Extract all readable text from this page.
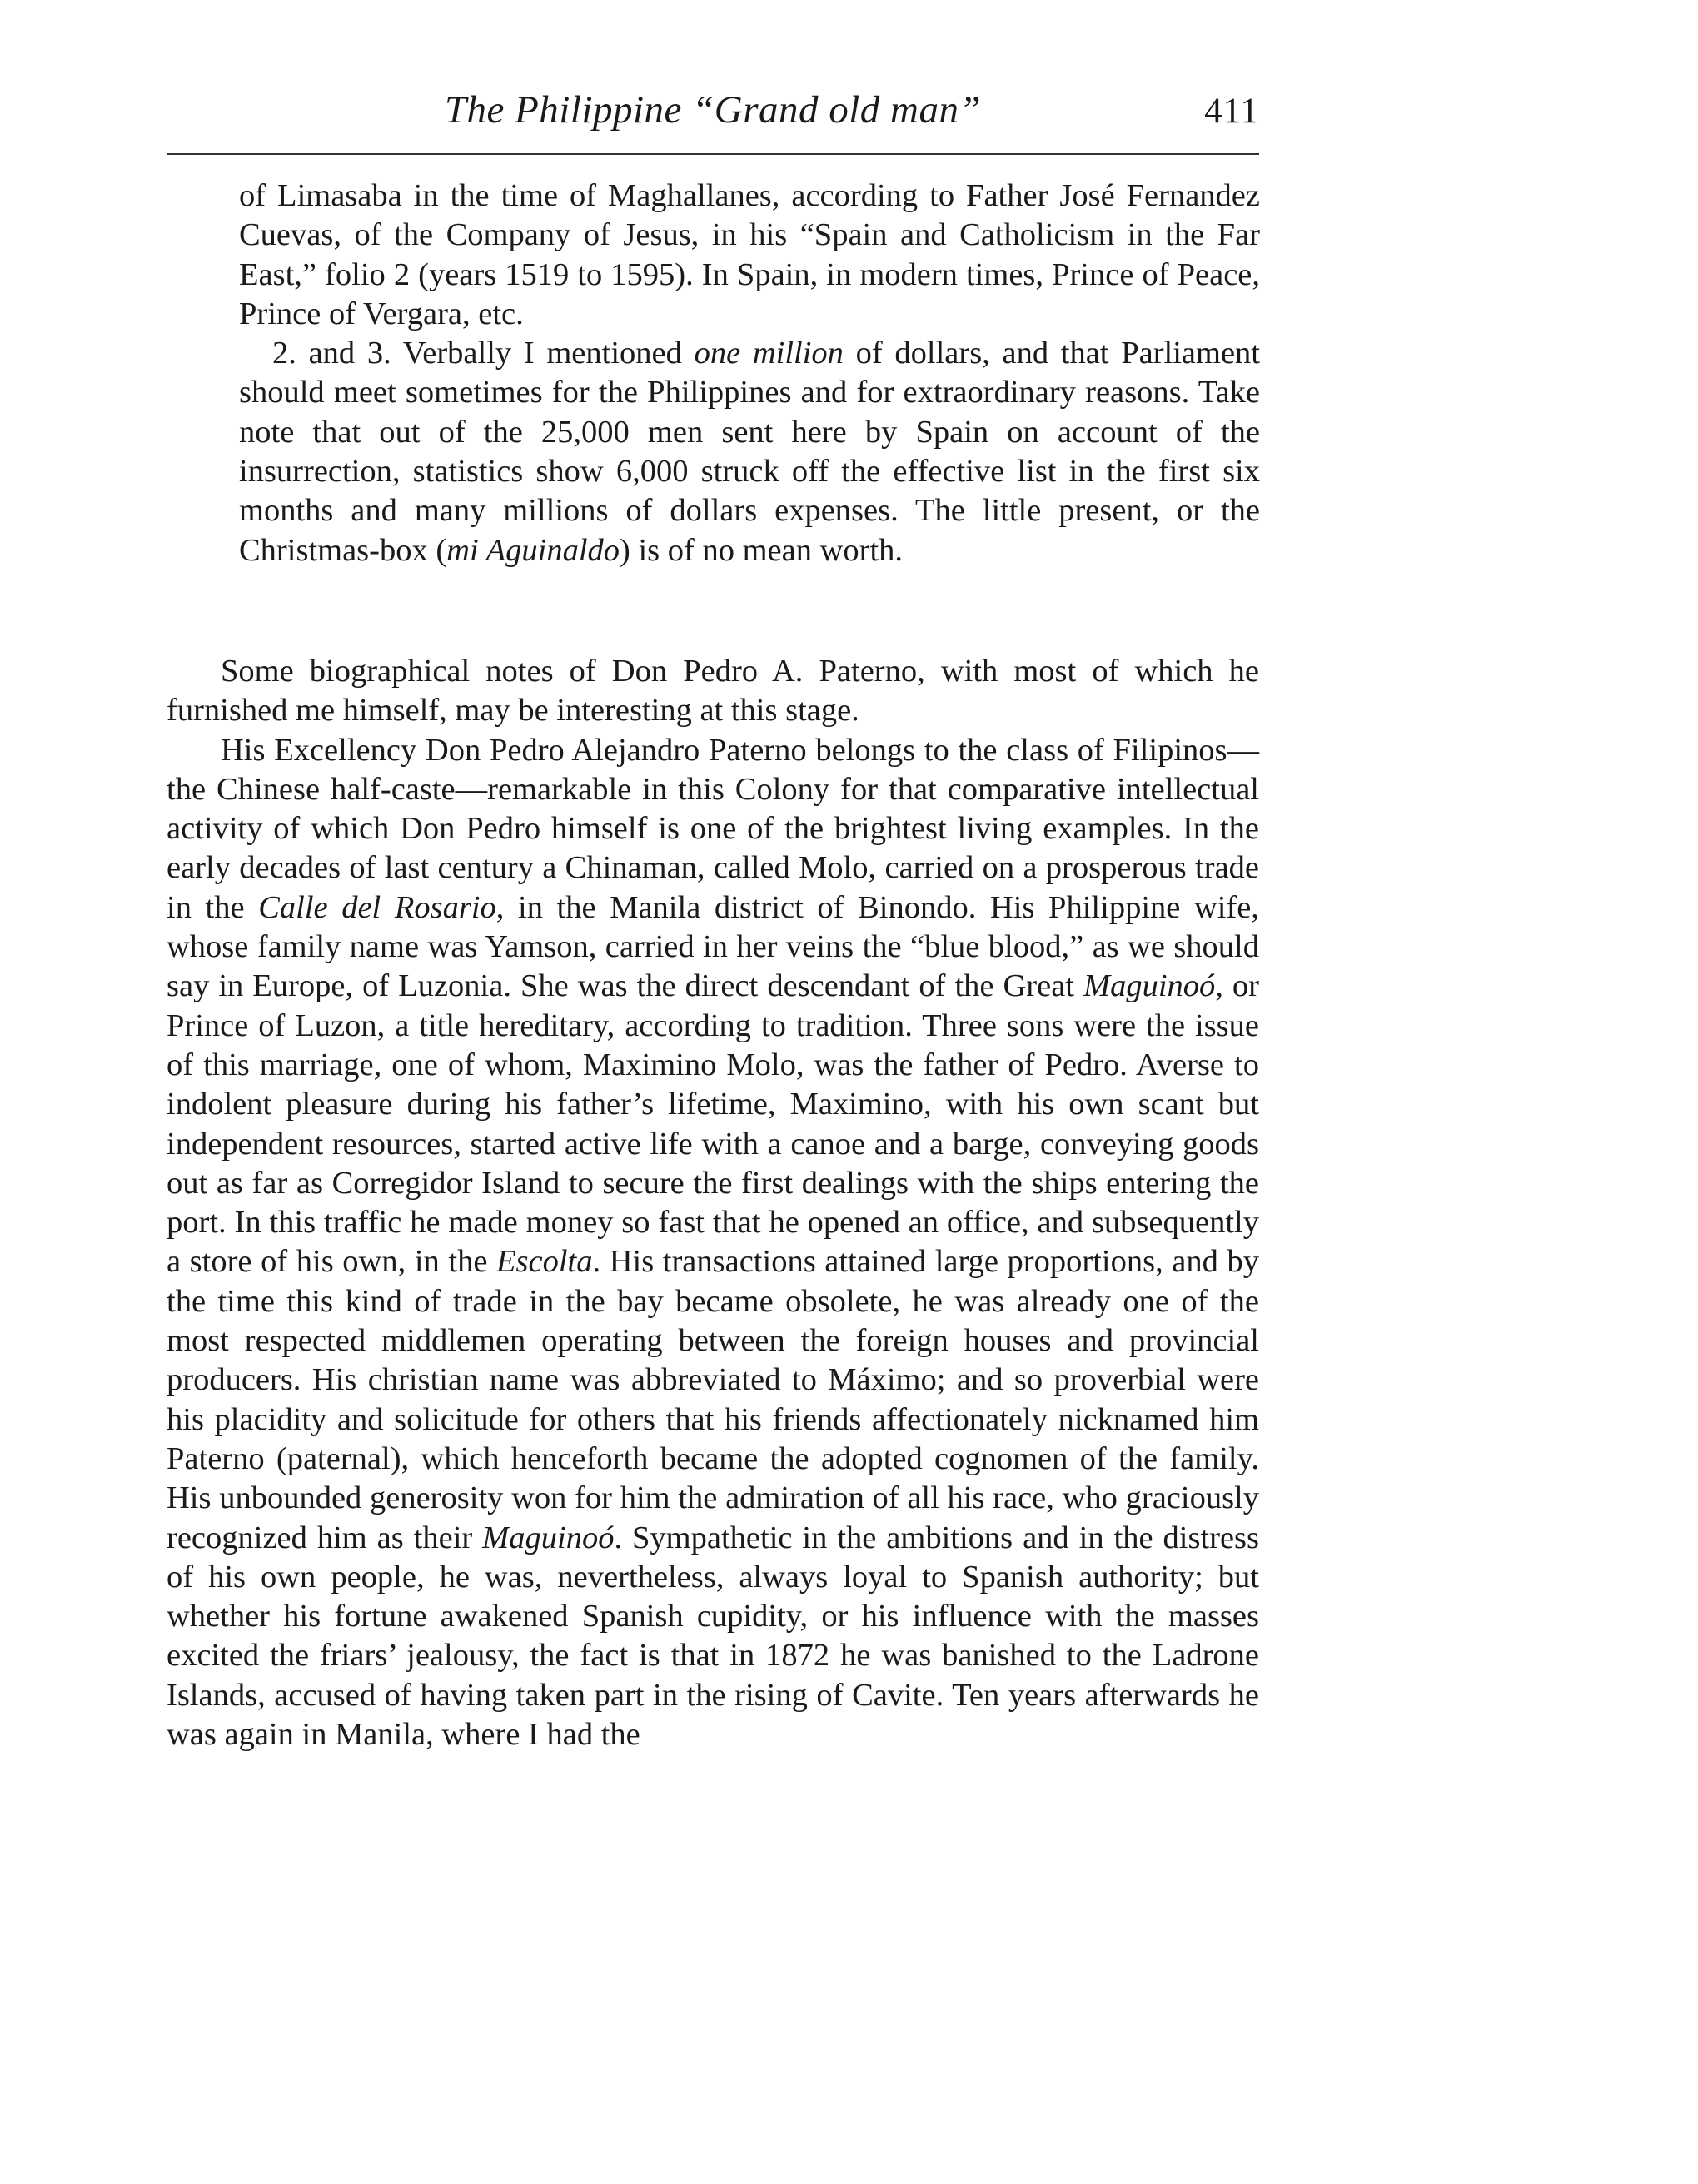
The Philippine “Grand old man”	411

of Limasaba in the time of Maghallanes, according to Father José Fernandez Cuevas, of the Company of Jesus, in his “Spain and Catholicism in the Far East,” folio 2 (years 1519 to 1595). In Spain, in modern times, Prince of Peace, Prince of Vergara, etc.

2. and 3. Verbally I mentioned one million of dollars, and that Parliament should meet sometimes for the Philippines and for extraordinary reasons. Take note that out of the 25,000 men sent here by Spain on account of the insurrection, statistics show 6,000 struck off the effective list in the first six months and many millions of dollars expenses. The little present, or the Christmas-box (mi Aguinaldo) is of no mean worth.

Some biographical notes of Don Pedro A. Paterno, with most of which he furnished me himself, may be interesting at this stage.

His Excellency Don Pedro Alejandro Paterno belongs to the class of Filipinos—the Chinese half-caste—remarkable in this Colony for that comparative intellectual activity of which Don Pedro himself is one of the brightest living examples. In the early decades of last century a Chinaman, called Molo, carried on a prosperous trade in the Calle del Rosario, in the Manila district of Binondo. His Philippine wife, whose family name was Yamson, carried in her veins the “blue blood,” as we should say in Europe, of Luzonia. She was the direct descendant of the Great Maguinoó, or Prince of Luzon, a title hereditary, according to tradition. Three sons were the issue of this marriage, one of whom, Maximino Molo, was the father of Pedro. Averse to indolent pleasure during his father’s lifetime, Maximino, with his own scant but independent resources, started active life with a canoe and a barge, conveying goods out as far as Corregidor Island to secure the first dealings with the ships entering the port. In this traffic he made money so fast that he opened an office, and subsequently a store of his own, in the Escolta. His transactions attained large proportions, and by the time this kind of trade in the bay became obsolete, he was already one of the most respected middlemen operating between the foreign houses and provincial producers. His christian name was abbreviated to Máximo; and so proverbial were his placidity and solicitude for others that his friends affectionately nicknamed him Paterno (paternal), which henceforth became the adopted cognomen of the family. His unbounded generosity won for him the admiration of all his race, who graciously recognized him as their Maguinoó. Sympathetic in the ambitions and in the distress of his own people, he was, nevertheless, always loyal to Spanish authority; but whether his fortune awakened Spanish cupidity, or his influence with the masses excited the friars’ jealousy, the fact is that in 1872 he was banished to the Ladrone Islands, accused of having taken part in the rising of Cavite. Ten years afterwards he was again in Manila, where I had the
